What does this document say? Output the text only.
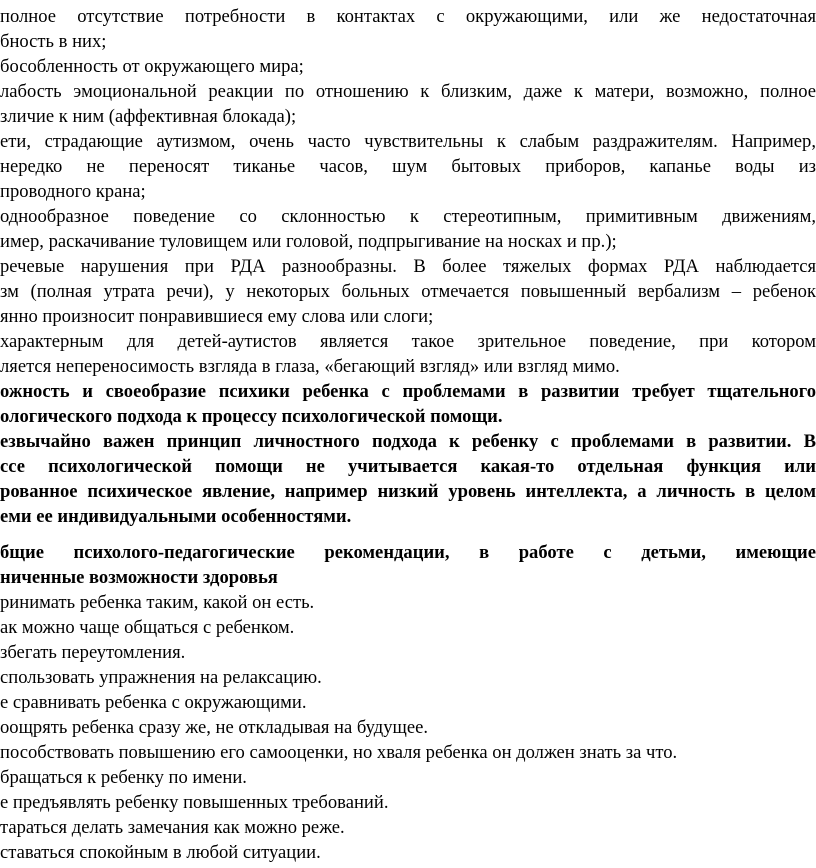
полное отсутствие потребности в контактах с окружающими, или же недостаточная
бность в них;
бособленность от окружающего мира;
лабость эмоциональной реакции по отношению к близким, даже к матери, возможно, полное
зличие к ним (аффективная блокада);
ети, страдающие аутизмом, очень часто чувствительны к слабым раздражителям. Например,
нередко не переносят тиканье часов, шум бытовых приборов, капанье воды из
проводного крана;
однообразное поведение со склонностью к стереотипным, примитивным движениям,
имер, раскачивание туловищем или головой, подпрыгивание на носках и пр.);
речевые нарушения при РДА разнообразны. В более тяжелых формах РДА наблюдается
зм (полная утрата речи), у некоторых больных отмечается повышенный вербализм – ребенок
янно произносит понравившиеся ему слова или слоги;
характерным для детей-аутистов является такое зрительное поведение, при котором
ляется непереносимость взгляда в глаза, «бегающий взгляд» или взгляд мимо.
ожность и своеобразие психики ребенка с проблемами в развитии требует тщательного
ологического подхода к процессу психологической помощи.
езвычайно важен принцип личностного подхода к ребенку с проблемами в развитии. В
ссе психологической помощи не учитывается какая-то отдельная функция или
рованное психическое явление, например низкий уровень интеллекта, а личность в целом
еми ее индивидуальными особенностями.
бщие психолого-педагогические рекомендации, в работе с детьми, имеющие
ниченные возможности здоровья
ринимать ребенка таким, какой он есть.
ак можно чаще общаться с ребенком.
збегать переутомления.
спользовать упражнения на релаксацию.
е сравнивать ребенка с окружающими.
оощрять ребенка сразу же, не откладывая на будущее.
пособствовать повышению его самооценки, но хваля ребенка он должен знать за что.
бращаться к ребенку по имени.
е предъявлять ребенку повышенных требований.
тараться делать замечания как можно реже.
ставаться спокойным в любой ситуации.
